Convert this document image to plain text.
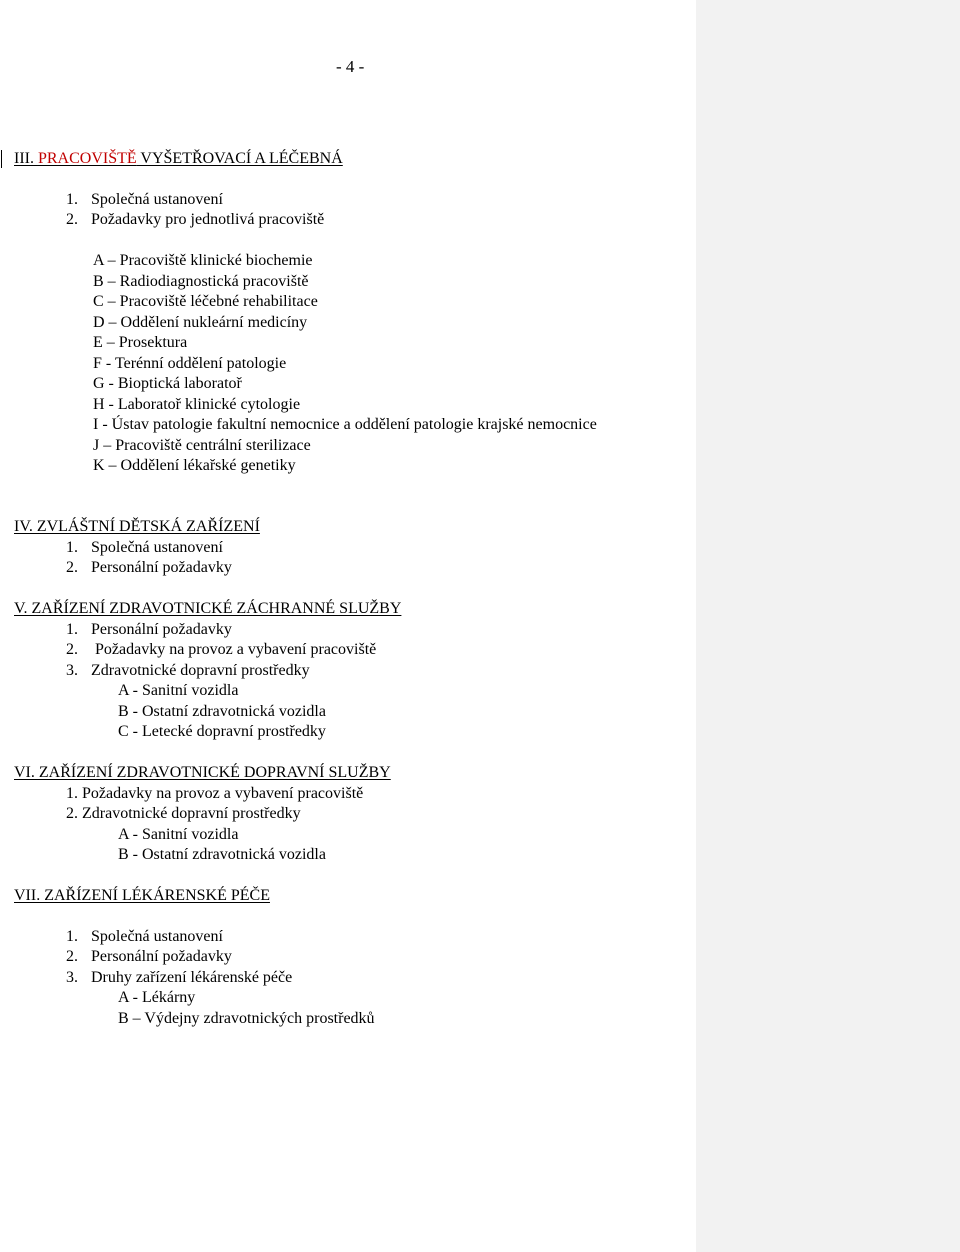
- 4 -
III. PRACOVIŠTĚ VYŠETŘOVACÍ A LÉČEBNÁ
1. Společná ustanovení
2. Požadavky pro jednotlivá pracoviště
A – Pracoviště klinické biochemie
B – Radiodiagnostická pracoviště
C – Pracoviště léčebné rehabilitace
D – Oddělení nukleární medicíny
E – Prosektura
F - Terénní oddělení patologie
G - Bioptická laboratoř
H - Laboratoř klinické cytologie
I - Ústav patologie fakultní nemocnice a oddělení patologie krajské nemocnice
J – Pracoviště centrální sterilizace
K – Oddělení lékařské genetiky
IV. ZVLÁŠTNÍ DĚTSKÁ ZAŘÍZENÍ
1. Společná ustanovení
2. Personální požadavky
V. ZAŘÍZENÍ ZDRAVOTNICKÉ ZÁCHRANNÉ SLUŽBY
1. Personální požadavky
2. Požadavky na provoz a vybavení pracoviště
3. Zdravotnické dopravní prostředky
A - Sanitní vozidla
B - Ostatní zdravotnická vozidla
C - Letecké dopravní prostředky
VI. ZAŘÍZENÍ ZDRAVOTNICKÉ DOPRAVNÍ SLUŽBY
1. Požadavky na provoz a vybavení pracoviště
2. Zdravotnické dopravní prostředky
A - Sanitní vozidla
B - Ostatní zdravotnická vozidla
VII. ZAŘÍZENÍ LÉKÁRENSKÉ PÉČE
1. Společná ustanovení
2. Personální požadavky
3. Druhy zařízení lékárenské péče
A - Lékárny
B – Výdejny zdravotnických prostředků
